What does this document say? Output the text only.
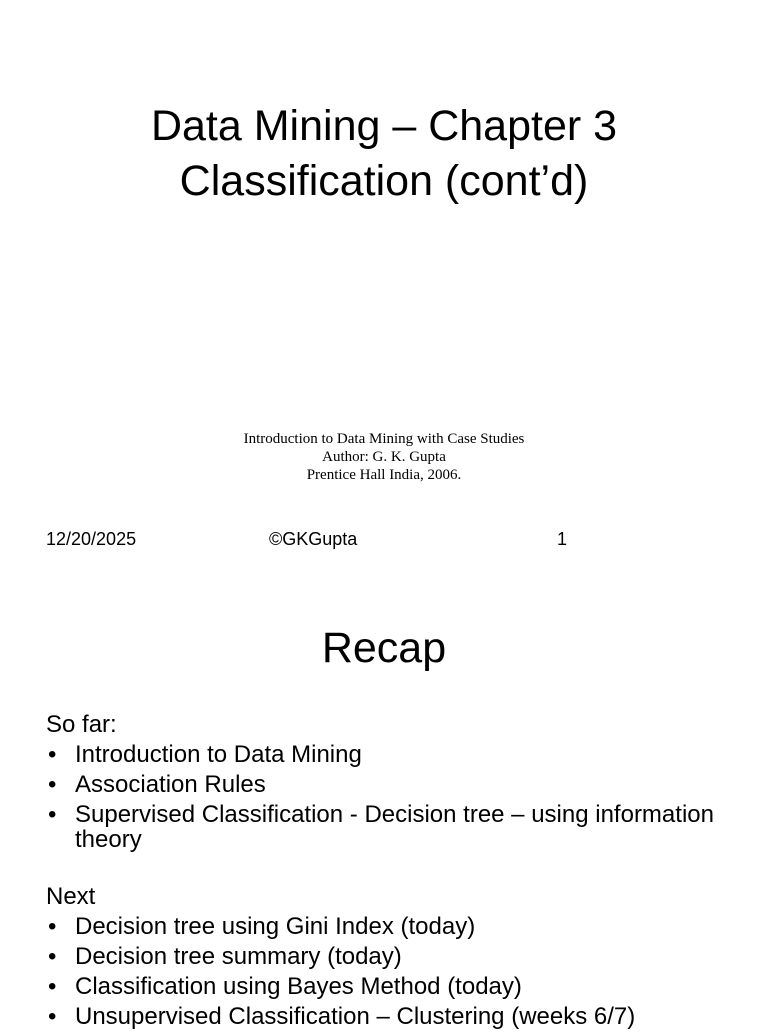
Data Mining – Chapter 3
Classification (cont’d)
Introduction to Data Mining with Case Studies
Author: G. K. Gupta
Prentice Hall India, 2006.
12/20/2025	©GKGupta	1
Recap
So far:
• Introduction to Data Mining
• Association Rules
• Supervised Classification - Decision tree – using information theory
Next
• Decision tree using Gini Index (today)
• Decision tree summary (today)
• Classification using Bayes Method (today)
• Unsupervised Classification – Clustering (weeks 6/7)
